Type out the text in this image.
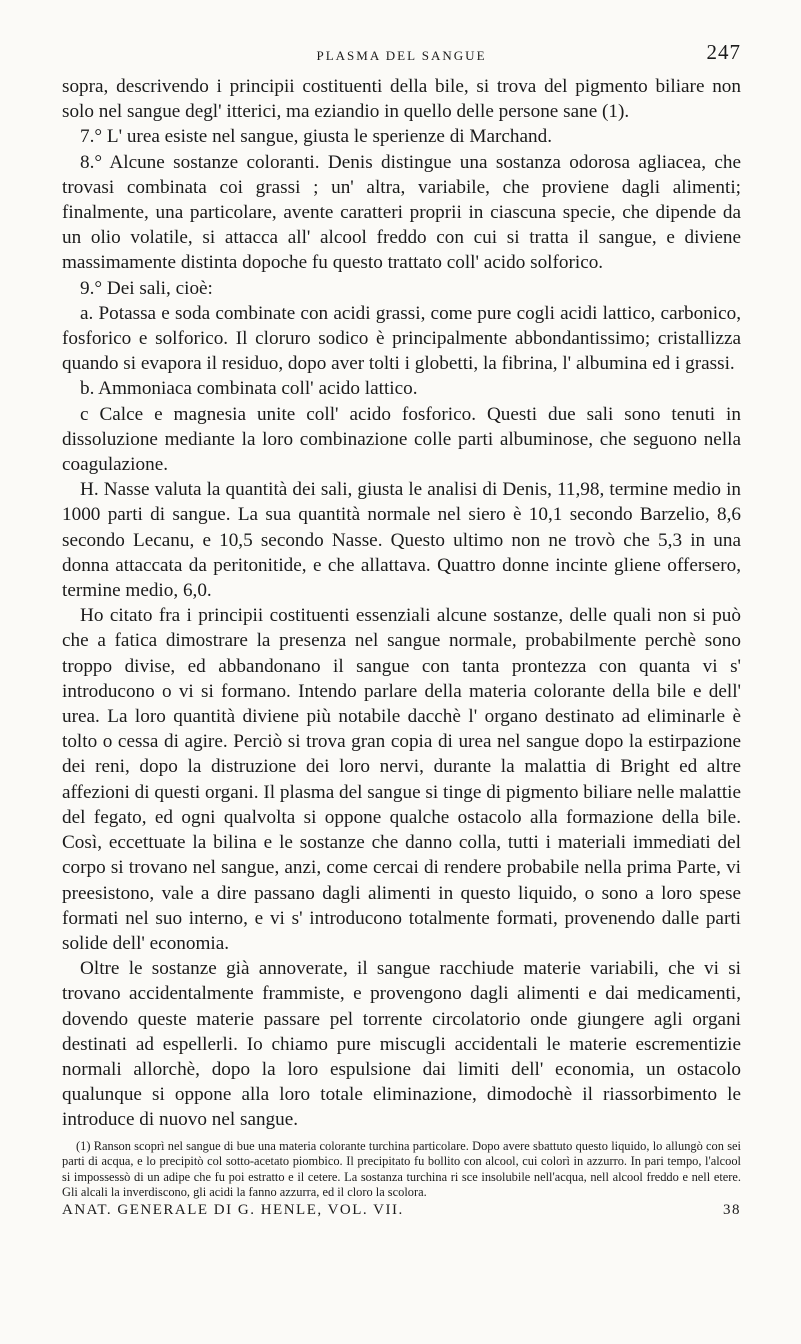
PLASMA DEL SANGUE	247

sopra, descrivendo i principii costituenti della bile, si trova del pigmento biliare non solo nel sangue degl' itterici, ma eziandio in quello delle persone sane (1).

7.° L' urea esiste nel sangue, giusta le sperienze di Marchand.

8.° Alcune sostanze coloranti. Denis distingue una sostanza odorosa agliacea, che trovasi combinata coi grassi ; un' altra, variabile, che proviene dagli alimenti; finalmente, una particolare, avente caratteri proprii in ciascuna specie, che dipende da un olio volatile, si attacca all' alcool freddo con cui si tratta il sangue, e diviene massimamente distinta dopoche fu questo trattato coll' acido solforico.

9.° Dei sali, cioè:

a. Potassa e soda combinate con acidi grassi, come pure cogli acidi lattico, carbonico, fosforico e solforico. Il cloruro sodico è principalmente abbondantissimo; cristallizza quando si evapora il residuo, dopo aver tolti i globetti, la fibrina, l' albumina ed i grassi.

b. Ammoniaca combinata coll' acido lattico.

c Calce e magnesia unite coll' acido fosforico. Questi due sali sono tenuti in dissoluzione mediante la loro combinazione colle parti albuminose, che seguono nella coagulazione.

H. Nasse valuta la quantità dei sali, giusta le analisi di Denis, 11,98, termine medio in 1000 parti di sangue. La sua quantità normale nel siero è 10,1 secondo Barzelio, 8,6 secondo Lecanu, e 10,5 secondo Nasse. Questo ultimo non ne trovò che 5,3 in una donna attaccata da peritonitide, e che allattava. Quattro donne incinte gliene offersero, termine medio, 6,0.

Ho citato fra i principii costituenti essenziali alcune sostanze, delle quali non si può che a fatica dimostrare la presenza nel sangue normale, probabilmente perchè sono troppo divise, ed abbandonano il sangue con tanta prontezza con quanta vi s' introducono o vi si formano. Intendo parlare della materia colorante della bile e dell' urea. La loro quantità diviene più notabile dacchè l' organo destinato ad eliminarle è tolto o cessa di agire. Perciò si trova gran copia di urea nel sangue dopo la estirpazione dei reni, dopo la distruzione dei loro nervi, durante la malattia di Bright ed altre affezioni di questi organi. Il plasma del sangue si tinge di pigmento biliare nelle malattie del fegato, ed ogni qualvolta si oppone qualche ostacolo alla formazione della bile. Così, eccettuate la bilina e le sostanze che danno colla, tutti i materiali immediati del corpo si trovano nel sangue, anzi, come cercai di rendere probabile nella prima Parte, vi preesistono, vale a dire passano dagli alimenti in questo liquido, o sono a loro spese formati nel suo interno, e vi s' introducono totalmente formati, provenendo dalle parti solide dell' economia.

Oltre le sostanze già annoverate, il sangue racchiude materie variabili, che vi si trovano accidentalmente frammiste, e provengono dagli alimenti e dai medicamenti, dovendo queste materie passare pel torrente circolatorio onde giungere agli organi destinati ad espellerli. Io chiamo pure miscugli accidentali le materie escrementizie normali allorchè, dopo la loro espulsione dai limiti dell' economia, un ostacolo qualunque si oppone alla loro totale eliminazione, dimodochè il riassorbimento le introduce di nuovo nel sangue.

(1) Ranson scoprì nel sangue di bue una materia colorante turchina particolare. Dopo avere sbattuto questo liquido, lo allungò con sei parti di acqua, e lo precipitò col sotto-acetato piombico. Il precipitato fu bollito con alcool, cui colorì in azzurro. In pari tempo, l'alcool si impossessò di un adipe che fu poi estratto e il cetere. La sostanza turchina ri sce insolubile nell'acqua, nell alcool freddo e nell etere. Gli alcali la inverdiscono, gli acidi la fanno azzurra, ed il cloro la scolora.

ANAT. GENERALE DI G. HENLE, VOL. VII.	38
